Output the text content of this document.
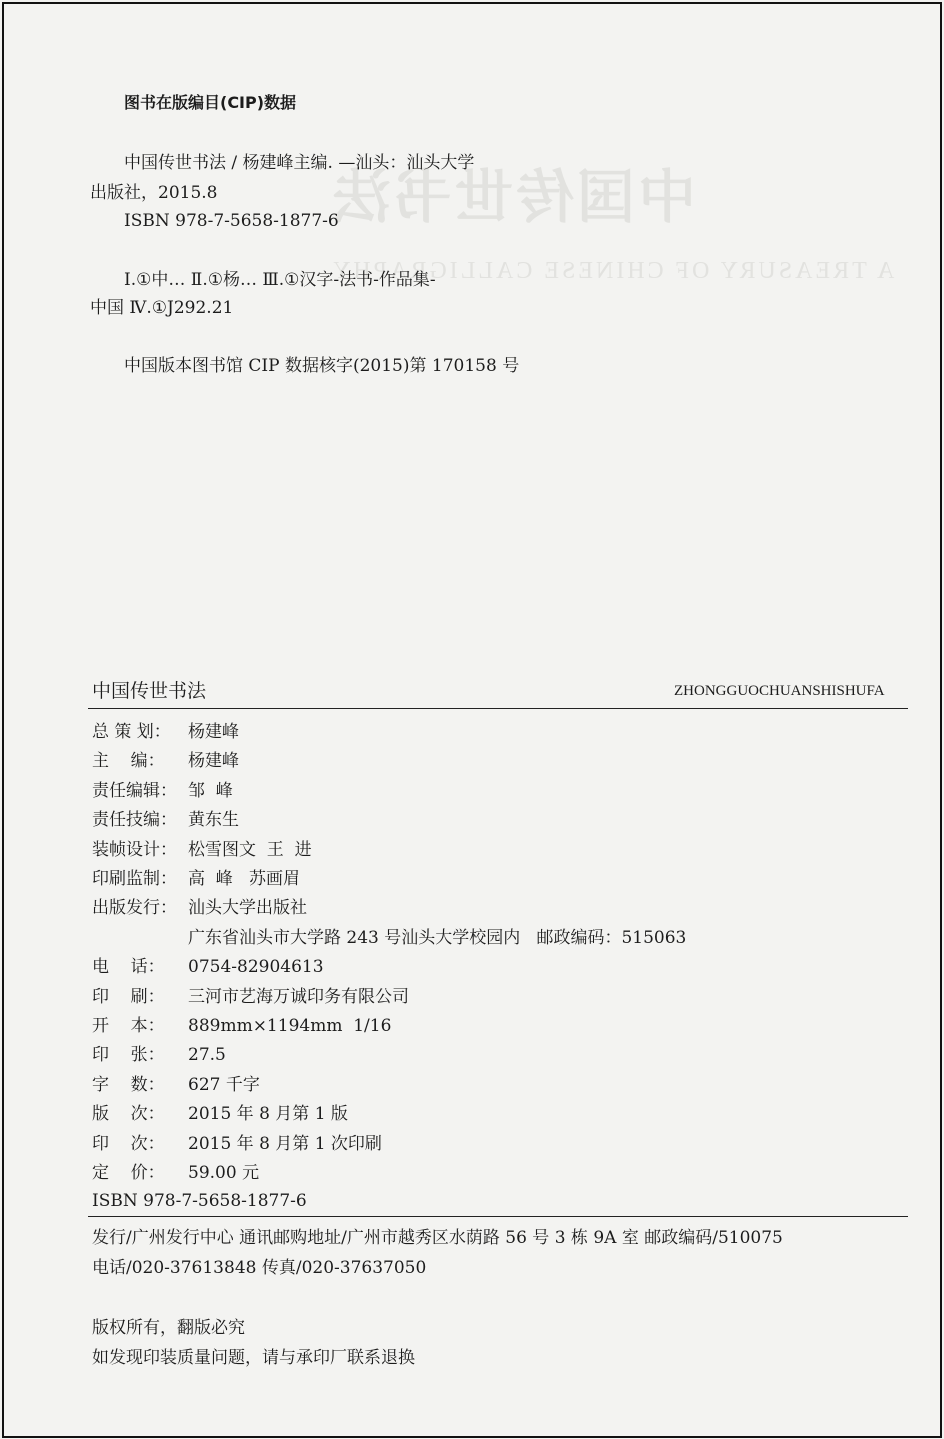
中国传世书法
A TREASURY OF CHINESE CALLIGRAPHY
图书在版编目(CIP)数据
中国传世书法 / 杨建峰主编. —汕头：汕头大学
出版社，2015.8
ISBN 978-7-5658-1877-6
Ⅰ.①中… Ⅱ.①杨… Ⅲ.①汉字-法书-作品集-
中国 Ⅳ.①J292.21
中国版本图书馆 CIP 数据核字(2015)第 170158 号
中国传世书法	ZHONGGUOCHUANSHISHUFA
总 策 划：	杨建峰
主    编：	杨建峰
责任编辑： 邹  峰
责任技编： 黄东生
装帧设计： 松雪图文  王  进
印刷监制： 高  峰   苏画眉
出版发行： 汕头大学出版社
广东省汕头市大学路 243 号汕头大学校园内   邮政编码：515063
电    话：	0754-82904613
印    刷：	三河市艺海万诚印务有限公司
开    本：	889mm×1194mm  1/16
印    张：	27.5
字    数：	627 千字
版    次：	2015 年 8 月第 1 版
印    次：	2015 年 8 月第 1 次印刷
定    价：	59.00 元
ISBN 978-7-5658-1877-6
发行/广州发行中心 通讯邮购地址/广州市越秀区水荫路 56 号 3 栋 9A 室 邮政编码/510075
电话/020-37613848 传真/020-37637050
版权所有，翻版必究
如发现印装质量问题，请与承印厂联系退换
